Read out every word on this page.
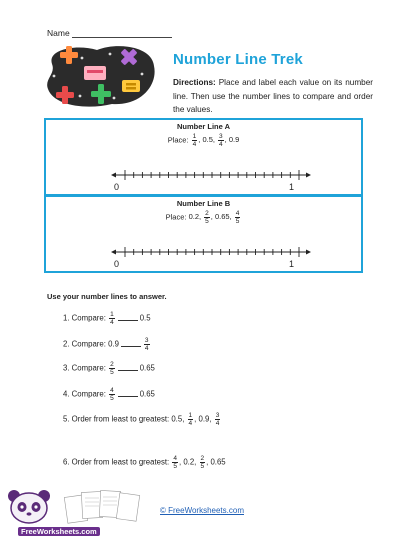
Name
Number Line Trek
Directions: Place and label each value on its number line. Then use the number lines to compare and order the values.
Number Line A
Place: $\frac{1}{4}$ , 0.5, $\frac{3}{4}$ , 0.9
0	1
Number Line B
Place: 0.2, $\frac{2}{5}$ , 0.65, $\frac{4}{5}$
0	1
Use your number lines to answer.
1. Compare: $\frac{1}{4}$	0.5
2. Compare: 0.9	$\frac{3}{4}$
3. Compare: $\frac{2}{5}$	0.65
4. Compare: $\frac{4}{5}$	0.65
5. Order from least to greatest: 0.5, $\frac{1}{4}$ , 0.9, $\frac{3}{4}$
6. Order from least to greatest: $\frac{4}{5}$ , 0.2, $\frac{2}{5}$ , 0.65
FreeWorksheets.com
© FreeWorksheets.com
